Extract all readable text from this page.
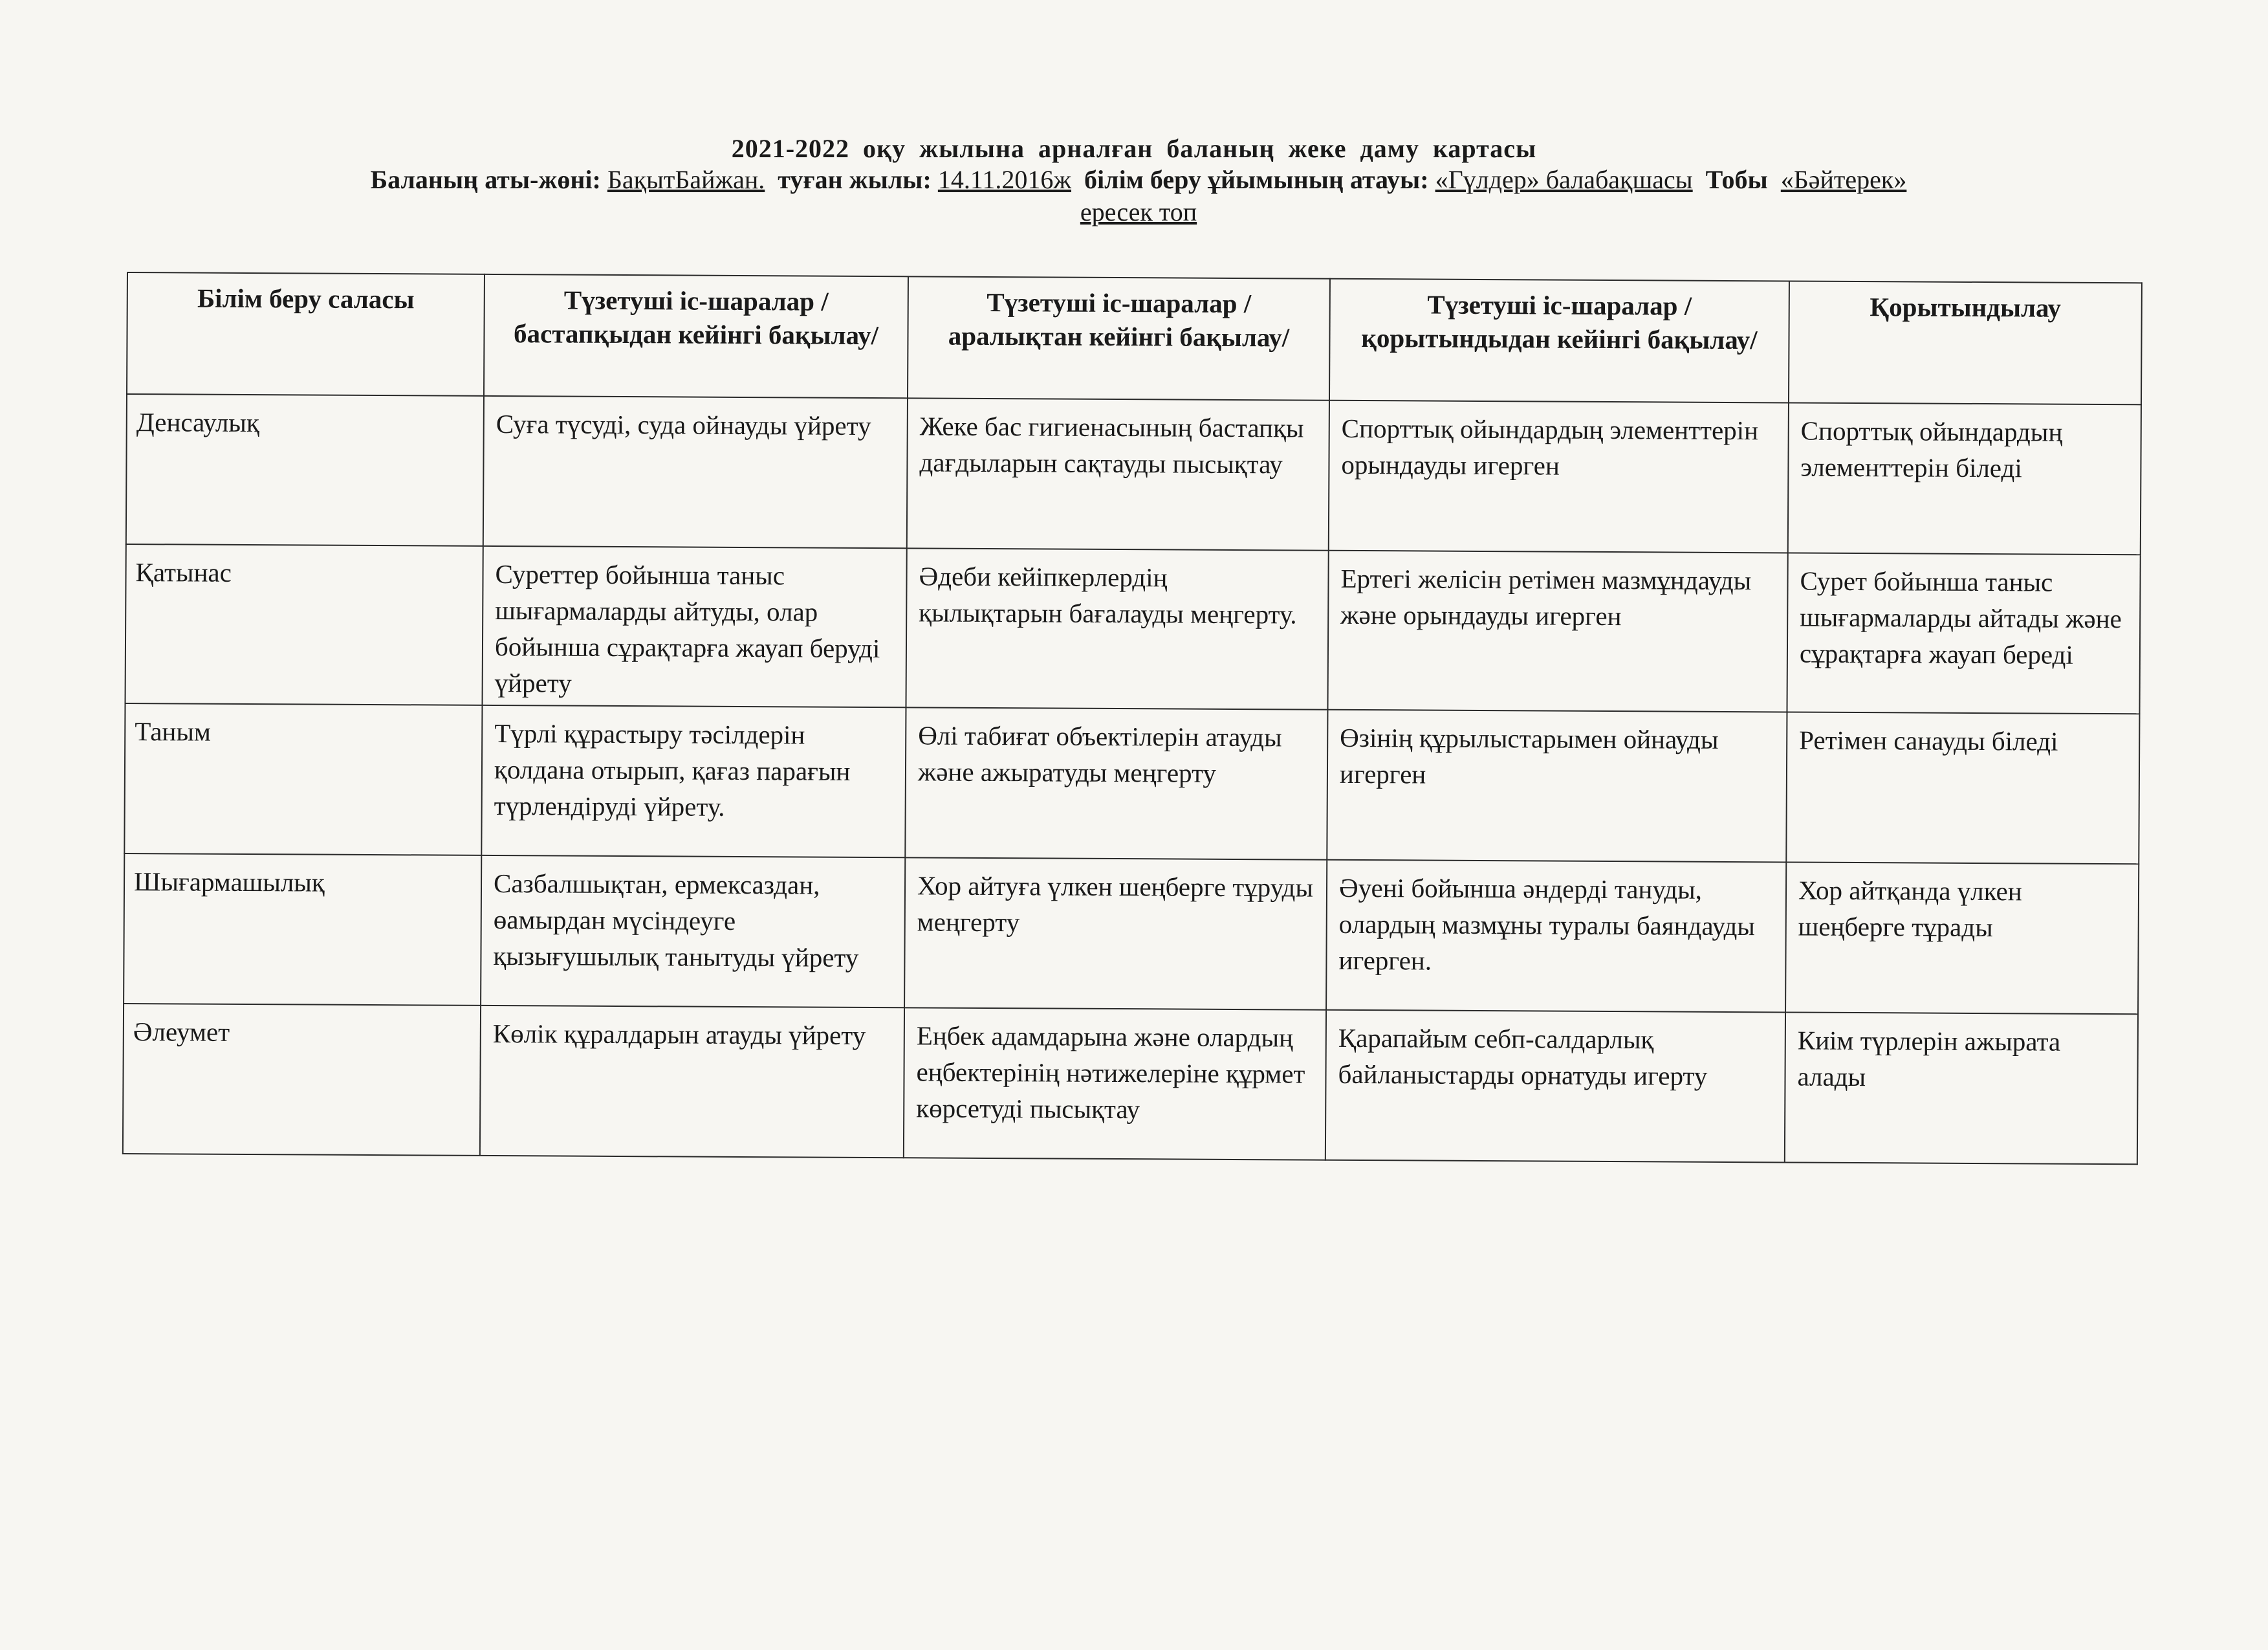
2021-2022 оқу жылына арналған баланың жеке даму картасы
Баланың аты-жөні: БақытБайжан. туған жылы: 14.11.2016ж білім беру ұйымының атауы: «Гүлдер» балабақшасы Тобы «Бәйтерек»
ересек топ
Білім беру саласы	Түзетуші іс-шаралар /бастапқыдан кейінгі бақылау/	Түзетуші іс-шаралар / аралықтан кейінгі бақылау/	Түзетуші іс-шаралар / қорытындыдан кейінгі бақылау/	Қорытындылау
Денсаулық	Суға түсуді, суда ойнауды үйрету	Жеке бас гигиенасының бастапқы дағдыларын сақтауды пысықтау	Спорттық ойындардың элементтерін орындауды игерген	Спорттық ойындардың элементтерін біледі
Қатынас	Суреттер бойынша таныс шығармаларды айтуды, олар бойынша сұрақтарға жауап беруді үйрету	Әдеби кейіпкерлердің қылықтарын бағалауды меңгерту.	Ертегі желісін ретімен мазмұндауды және орындауды игерген	Сурет бойынша таныс шығармаларды айтады және сұрақтарға жауап береді
Таным	Түрлі құрастыру тәсілдерін қолдана отырып, қағаз парағын түрлендіруді үйрету.	Өлі табиғат объектілерін атауды және ажыратуды меңгерту	Өзінің құрылыстарымен ойнауды игерген	Ретімен санауды біледі
Шығармашылық	Сазбалшықтан, ермексаздан, өамырдан мүсіндеуге қызығушылық танытуды үйрету	Хор айтуға үлкен шеңберге тұруды меңгерту	Әуені бойынша әндерді тануды, олардың мазмұны туралы баяндауды игерген.	Хор айтқанда үлкен шеңберге тұрады
Әлеумет	Көлік құралдарын атауды үйрету	Еңбек адамдарына және олардың еңбектерінің нәтижелеріне құрмет көрсетуді пысықтау	Қарапайым себп-салдарлық байланыстарды орнатуды игерту	Киім түрлерін ажырата алады
